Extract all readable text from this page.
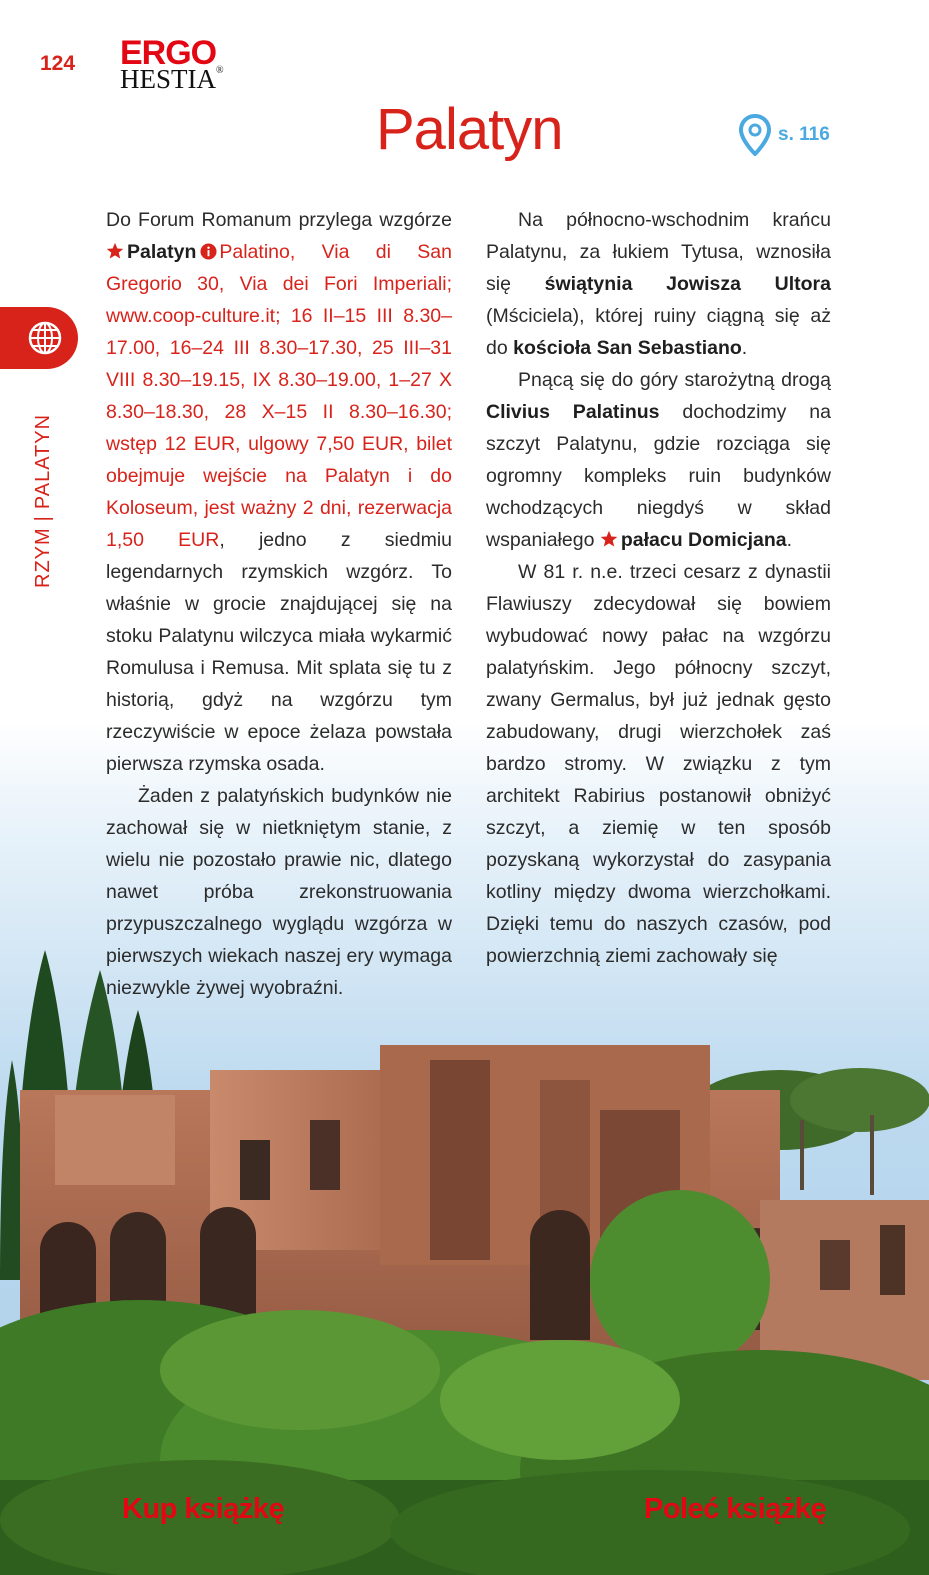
124 ERGO
HESTIA®
Palatyn	s. 116
RZYM|PALATYN

Do Forum Romanum przylega wzgórze Palatyn Palatino, Via di San Gregorio 30, Via dei Fori Imperiali; www.coop-culture.it; 16 II–15 III 8.30–17.00, 16–24 III 8.30–17.30, 25 III–31 VIII 8.30–19.15, IX 8.30–19.00, 1–27 X 8.30–18.30, 28 X–15 II 8.30–16.30; wstęp 12 EUR, ulgowy 7,50 EUR, bilet obejmuje wejście na Palatyn i do Koloseum, jest ważny 2 dni, rezerwacja 1,50 EUR, jedno z siedmiu legendarnych rzymskich wzgórz. To właśnie w grocie znajdującej się na stoku Palatynu wilczyca miała wykarmić Romulusa i Remusa. Mit splata się tu z historią, gdyż na wzgórzu tym rzeczywiście w epoce żelaza powstała pierwsza rzymska osada.

Żaden z palatyńskich budynków nie zachował się w nietkniętym stanie, z wielu nie pozostało prawie nic, dlatego nawet próba zrekonstruowania przypuszczalnego wyglądu wzgórza w pierwszych wiekach naszej ery wymaga niezwykle żywej wyobraźni.

Na północno-wschodnim krańcu Palatynu, za łukiem Tytusa, wznosiła się świątynia Jowisza Ultora (Mściciela), której ruiny ciągną się aż do kościoła San Sebastiano.

Pnącą się do góry starożytną drogą Clivius Palatinus dochodzimy na szczyt Palatynu, gdzie rozciąga się ogromny kompleks ruin budynków wchodzących niegdyś w skład wspaniałego pałacu Domicjana.

W 81 r. n.e. trzeci cesarz z dynastii Flawiuszy zdecydował się bowiem wybudować nowy pałac na wzgórzu palatyńskim. Jego północny szczyt, zwany Germalus, był już jednak gęsto zabudowany, drugi wierzchołek zaś bardzo stromy. W związku z tym architekt Rabirius postanowił obniżyć szczyt, a ziemię w ten sposób pozyskaną wykorzystał do zasypania kotliny między dwoma wierzchołkami. Dzięki temu do naszych czasów, pod powierzchnią ziemi zachowały się

Kup książkę	Poleć książkę
